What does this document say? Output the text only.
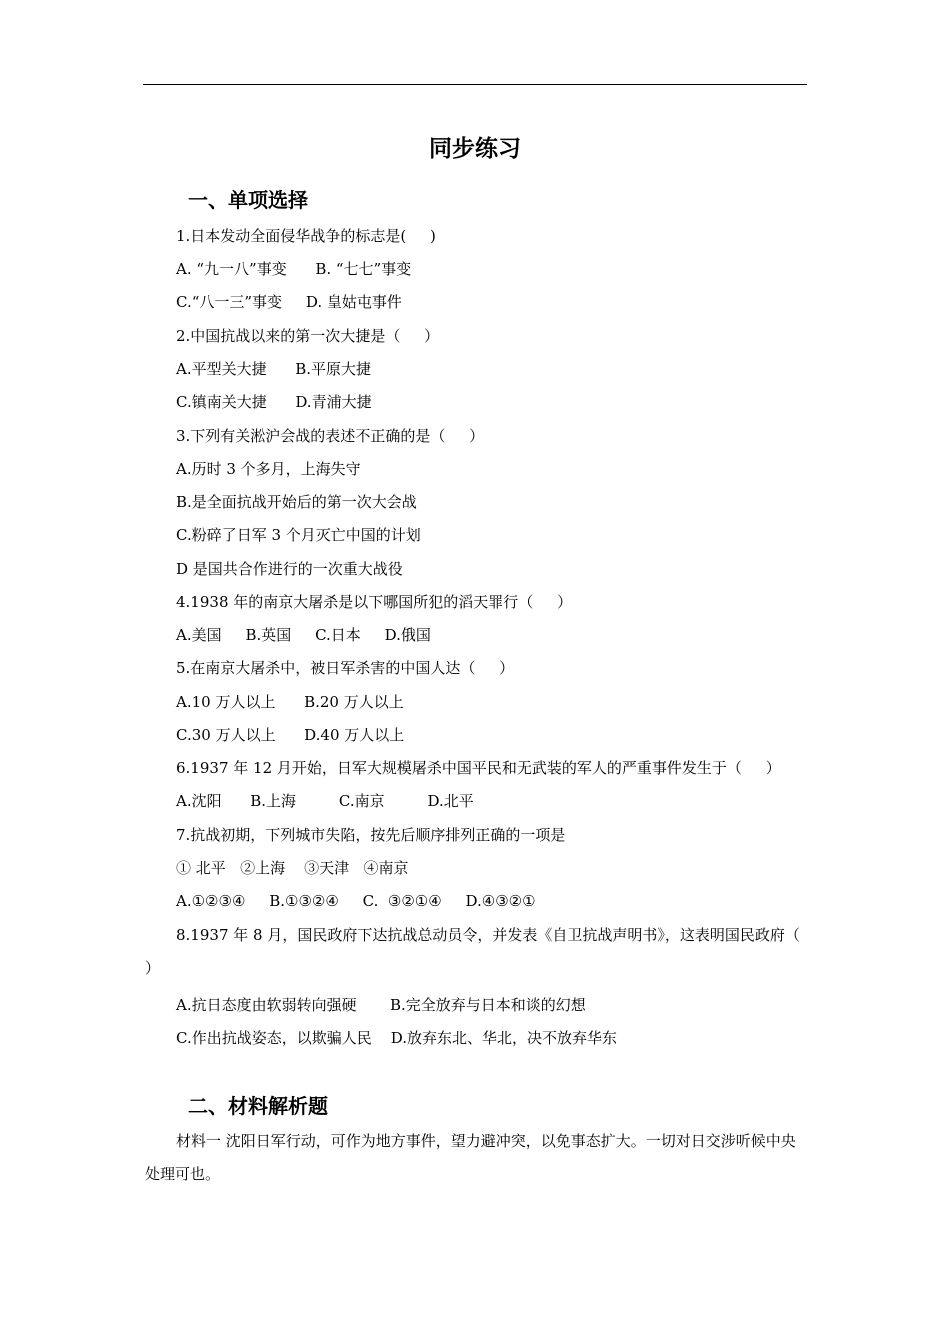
同步练习
一、单项选择
1.日本发动全面侵华战争的标志是(     )
A. “九一八”事变      B. “七七”事变
C.“八一三”事变     D. 皇姑屯事件
2.中国抗战以来的第一次大捷是（     ）
A.平型关大捷      B.平原大捷
C.镇南关大捷      D.青浦大捷
3.下列有关淞沪会战的表述不正确的是（     ）
A.历时 3 个多月，上海失守
B.是全面抗战开始后的第一次大会战
C.粉碎了日军 3 个月灭亡中国的计划
D 是国共合作进行的一次重大战役
4.1938 年的南京大屠杀是以下哪国所犯的滔天罪行（     ）
A.美国     B.英国     C.日本     D.俄国
5.在南京大屠杀中，被日军杀害的中国人达（     ）
A.10 万人以上      B.20 万人以上
C.30 万人以上      D.40 万人以上
6.1937 年 12 月开始，日军大规模屠杀中国平民和无武装的军人的严重事件发生于（     ）
A.沈阳      B.上海         C.南京         D.北平
7.抗战初期，下列城市失陷，按先后顺序排列正确的一项是
① 北平   ②上海    ③天津   ④南京
A.①②③④     B.①③②④     C.  ③②①④     D.④③②①
8.1937 年 8 月，国民政府下达抗战总动员令，并发表《自卫抗战声明书》，这表明国民政府（ ）
A.抗日态度由软弱转向强硬       B.完全放弃与日本和谈的幻想
C.作出抗战姿态，以欺骗人民    D.放弃东北、华北，决不放弃华东
二、材料解析题
材料一 沈阳日军行动，可作为地方事件，望力避冲突，以免事态扩大。一切对日交涉听候中央处理可也。
